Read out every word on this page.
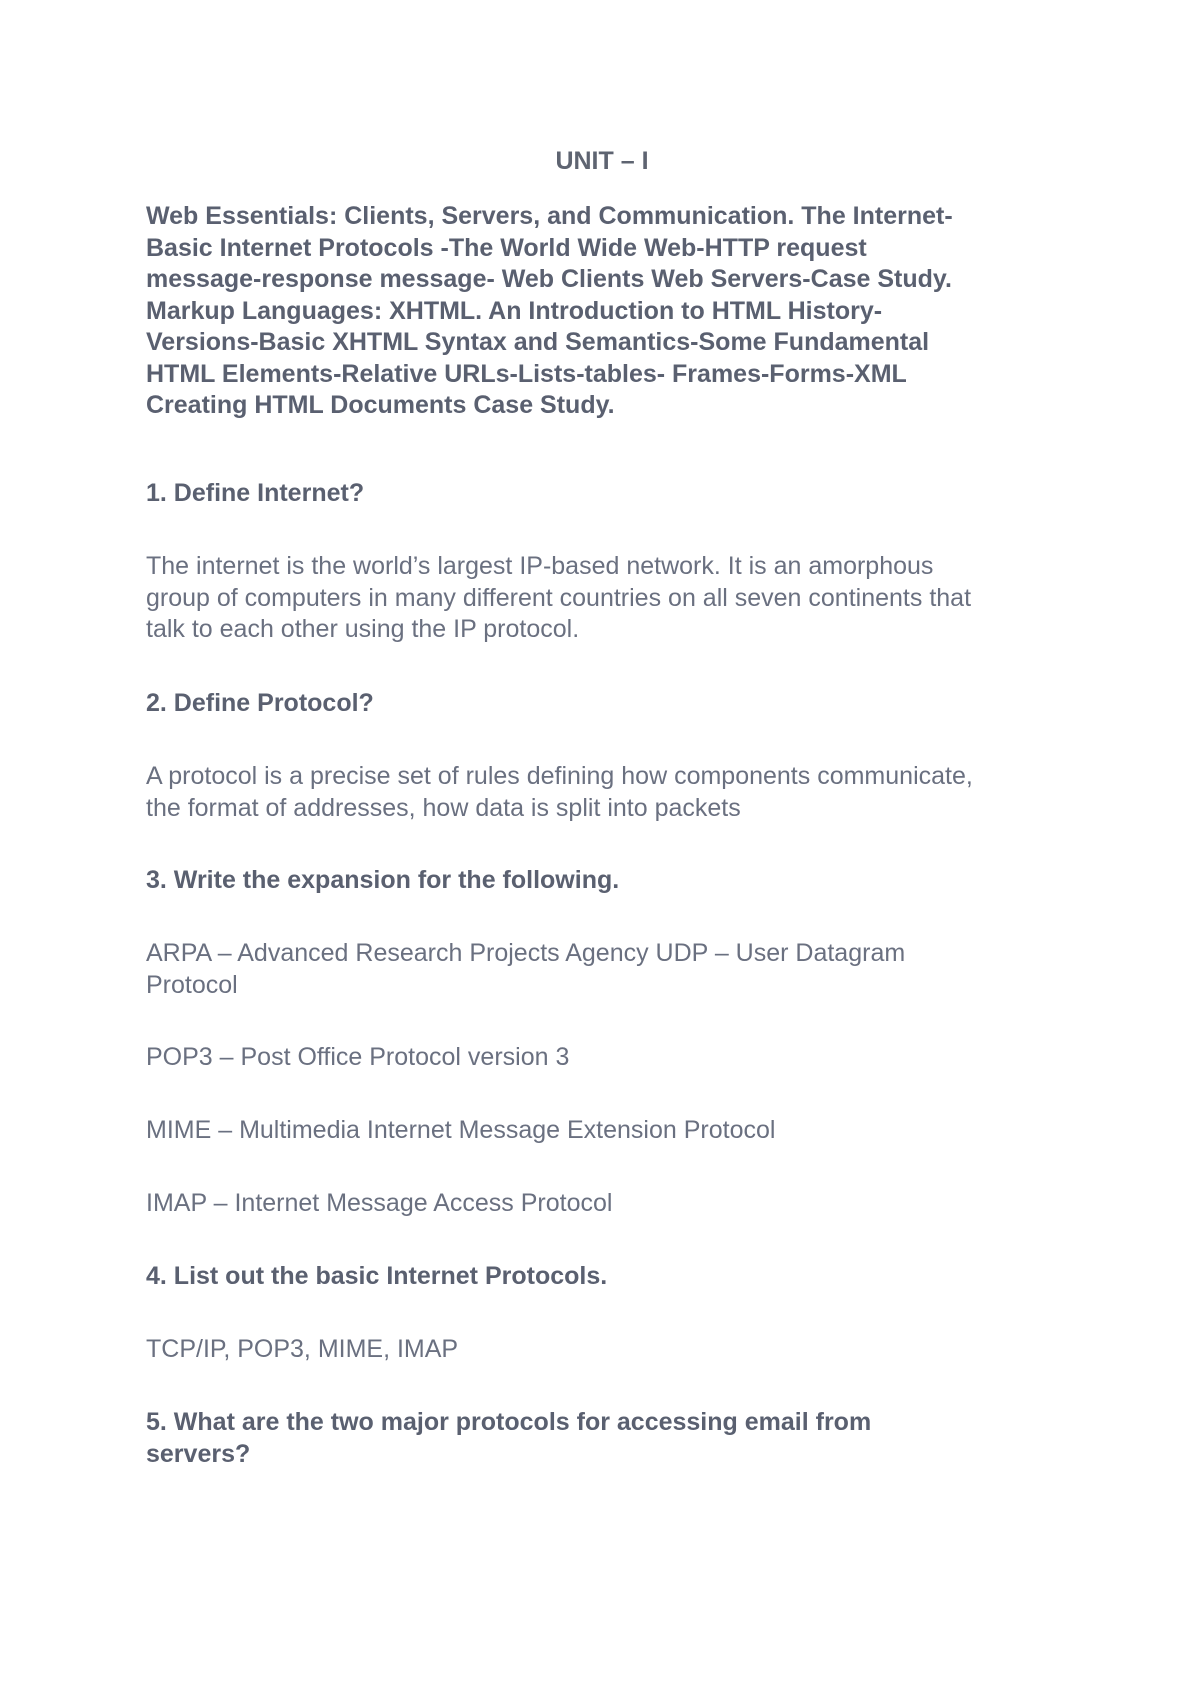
UNIT – I
Web Essentials: Clients, Servers, and Communication. The Internet-
Basic Internet Protocols -The World Wide Web-HTTP request
message-response message- Web Clients Web Servers-Case Study.
Markup Languages: XHTML. An Introduction to HTML History-
Versions-Basic XHTML Syntax and Semantics-Some Fundamental
HTML Elements-Relative URLs-Lists-tables- Frames-Forms-XML
Creating HTML Documents Case Study.
1. Define Internet?
The internet is the world’s largest IP-based network. It is an amorphous
group of computers in many different countries on all seven continents that
talk to each other using the IP protocol.
2. Define Protocol?
A protocol is a precise set of rules defining how components communicate,
the format of addresses, how data is split into packets
3. Write the expansion for the following.
ARPA – Advanced Research Projects Agency UDP – User Datagram
Protocol
POP3 – Post Office Protocol version 3
MIME – Multimedia Internet Message Extension Protocol
IMAP – Internet Message Access Protocol
4. List out the basic Internet Protocols.
TCP/IP, POP3, MIME, IMAP
5. What are the two major protocols for accessing email from
servers?
